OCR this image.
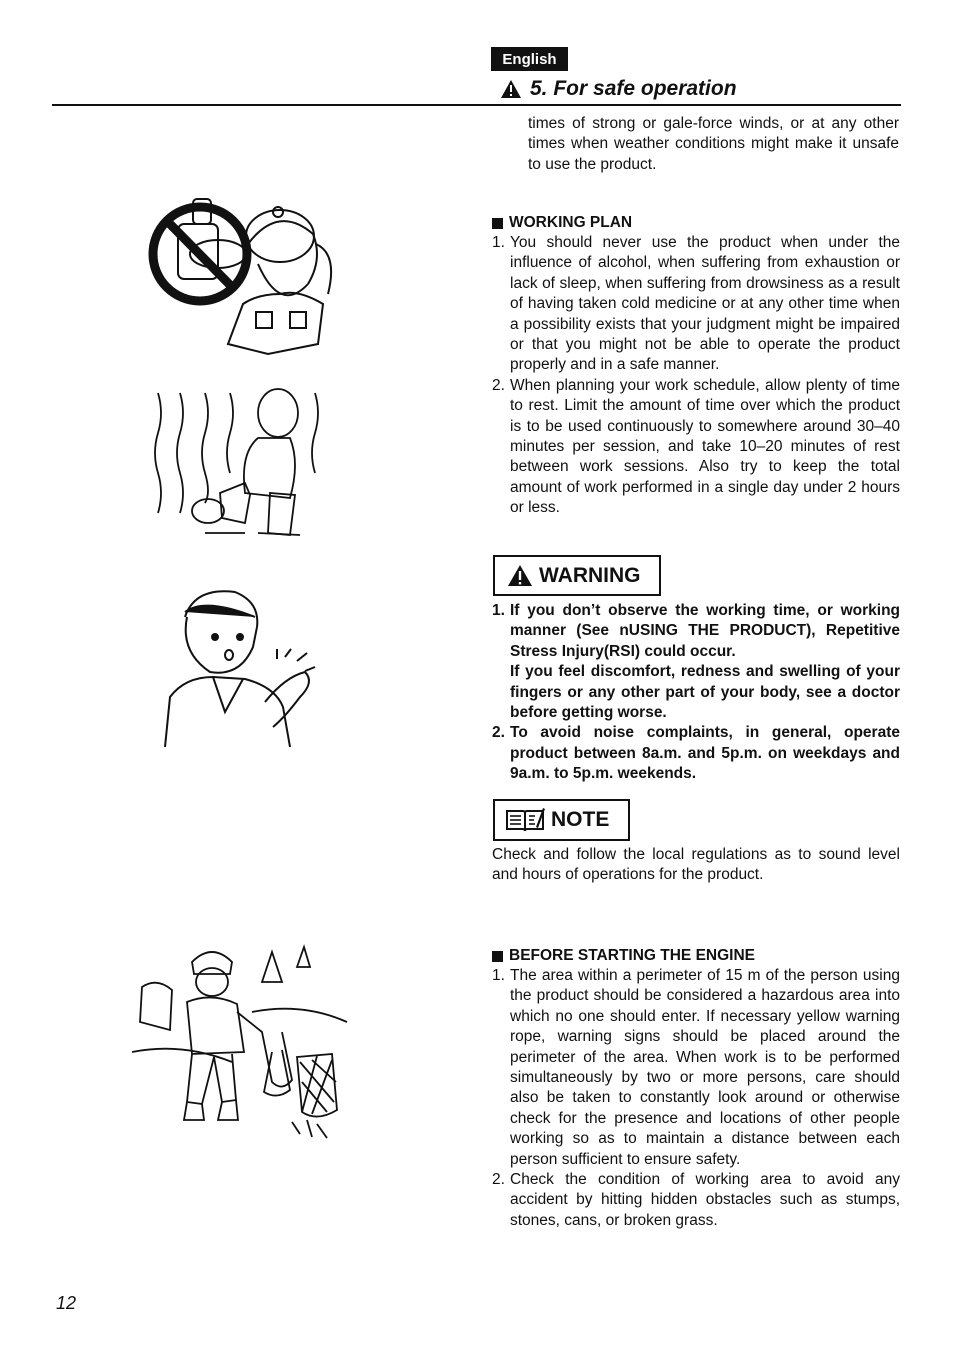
English
5. For safe operation
times of strong or gale-force winds, or at any other times when weather conditions might make it unsafe to use the product.
WORKING PLAN
1. You should never use the product when under the influence of alcohol, when suffering from exhaustion or lack of sleep, when suffering from drowsiness as a result of having taken cold medicine or at any other time when a possibility exists that your judgment might be impaired or that you might not be able to operate the product properly and in a safe manner.
2. When planning your work schedule, allow plenty of time to rest. Limit the amount of time over which the product is to be used continuously to somewhere around 30–40 minutes per session, and take 10–20 minutes of rest between work sessions. Also try to keep the total amount of work performed in a single day under 2 hours or less.
WARNING
1. If you don’t observe the working time, or working manner (See nUSING THE PRODUCT), Repetitive Stress Injury(RSI) could occur.
If you feel discomfort, redness and swelling of your fingers or any other part of your body, see a doctor before getting worse.
2. To avoid noise complaints, in general, operate product between 8a.m. and 5p.m. on weekdays and 9a.m. to 5p.m. weekends.
NOTE
Check and follow the local regulations as to sound level and hours of operations for the product.
BEFORE STARTING THE ENGINE
1. The area within a perimeter of 15 m of the person using the product should be considered a hazardous area into which no one should enter. If necessary yellow warning rope, warning signs should be placed around the perimeter of the area. When work is to be performed simultaneously by two or more persons, care should also be taken to constantly look around or otherwise check for the presence and locations of other people working so as to maintain a distance between each person sufficient to ensure safety.
2. Check the condition of working area to avoid any accident by hitting hidden obstacles such as stumps, stones, cans, or broken grass.
12
